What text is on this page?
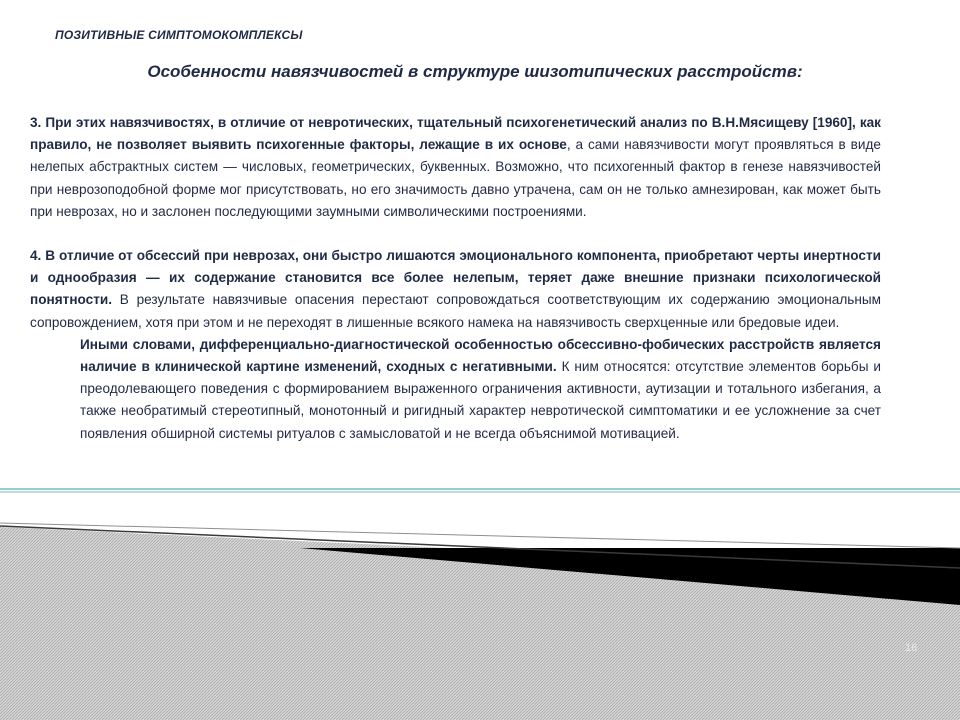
ПОЗИТИВНЫЕ СИМПТОМОКОМПЛЕКСЫ
Особенности навязчивостей в структуре шизотипических расстройств:

3. При этих навязчивостях, в отличие от невротических, тщательный психогенетический анализ по В.Н.Мясищеву [1960], как правило, не позволяет выявить психогенные факторы, лежащие в их основе, а сами навязчивости могут проявляться в виде нелепых абстрактных систем — числовых, геометрических, буквенных. Возможно, что психогенный фактор в генезе навязчивостей при неврозоподобной форме мог присутствовать, но его значимость давно утрачена, сам он не только амнезирован, как может быть при неврозах, но и заслонен последующими заумными символическими построениями.

4. В отличие от обсессий при неврозах, они быстро лишаются эмоционального компонента, приобретают черты инертности и однообразия — их содержание становится все более нелепым, теряет даже внешние признаки психологической понятности. В результате навязчивые опасения перестают сопровождаться соответствующим их содержанию эмоциональным сопровождением, хотя при этом и не переходят в лишенные всякого намека на навязчивость сверхценные или бредовые идеи.

Иными словами, дифференциально-диагностической особенностью обсессивно-фобических расстройств является наличие в клинической картине изменений, сходных с негативными. К ним относятся: отсутствие элементов борьбы и преодолевающего поведения с формированием выраженного ограничения активности, аутизации и тотального избегания, а также необратимый стереотипный, монотонный и ригидный характер невротической симптоматики и ее усложнение за счет появления обширной системы ритуалов с замысловатой и не всегда объяснимой мотивацией.

16
